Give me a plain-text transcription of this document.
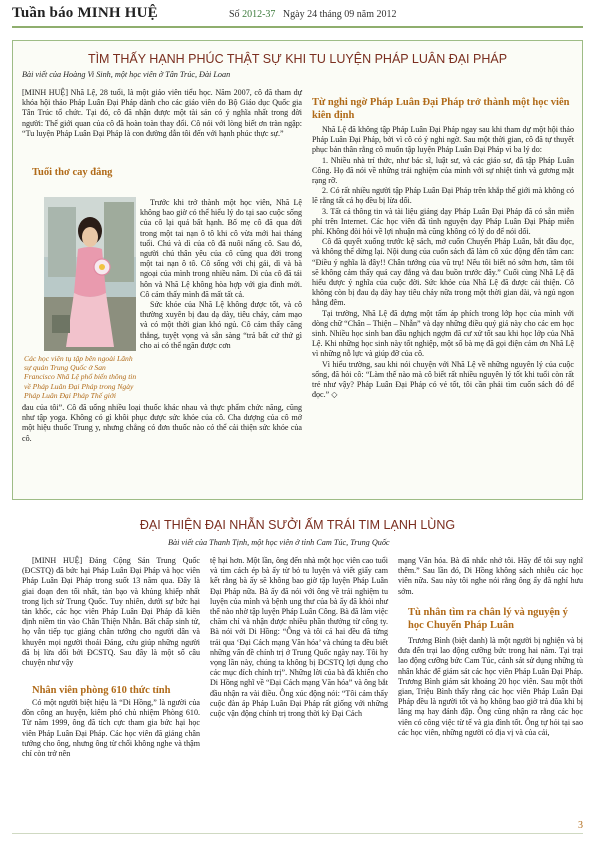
Tuần báo MINH HUỆ	Số 2012-37 Ngày 24 tháng 09 năm 2012
TÌM THẤY HẠNH PHÚC THẬT SỰ KHI TU LUYỆN PHÁP LUÂN ĐẠI PHÁP
Bài viết của Hoàng Vi Sinh, một học viên ở Tân Trúc, Đài Loan

[MINH HUỆ] Nhã Lệ, 28 tuổi, là một giáo viên tiểu học. Năm 2007, cô đã tham dự khóa hội thảo Pháp Luân Đại Pháp dành cho các giáo viên do Bộ Giáo dục Quốc gia Tân Trúc tổ chức. Tại đó, cô đã nhận được một tài sản có ý nghĩa nhất trong đời người: Thế giới quan của cô đã hoàn toàn thay đổi. Cô nói với lòng biết ơn tràn ngập: “Tu luyện Pháp Luân Đại Pháp là con đường dẫn tôi đến với hạnh phúc thực sự.”

Tuổi thơ cay đắng

Trước khi trở thành một học viên, Nhã Lệ không bao giờ có thể hiểu lý do tại sao cuộc sống của cô lại quá bất hạnh. Bố mẹ cô đã qua đời trong một tai nạn ô tô khi cô vừa mới hai tháng tuổi. Chú và dì của cô đã nuôi nấng cô. Sau đó, người chú thân yêu của cô cũng qua đời trong một tai nạn ô tô. Cô sống với chị gái, dì và bà ngoại của mình trong nhiều năm. Dì của cô đã tái hôn và Nhã Lệ không hòa hợp với gia đình mới. Cô cảm thấy mình đã mất tất cả.

Sức khỏe của Nhã Lệ không được tốt, và cô thường xuyên bị đau dạ dày, tiêu chảy, cảm mạo và có một thời gian khó ngủ. Cô cảm thấy căng thẳng, tuyệt vọng và sẵn sàng “trả bất cứ thứ gì cho ai có thể ngăn được cơn

Các học viên tụ tập bên ngoài Lãnh sự quán Trung Quốc ở San Francisco Nhã Lệ phổ biến thông tin về Pháp Luân Đại Pháp trong Ngày Pháp Luân Đại Pháp Thế giới

đau của tôi”. Cô đã uống nhiều loại thuốc khác nhau và thực phẩm chức năng, cũng như tập yoga. Không có gì khôi phục được sức khỏe của cô. Cha dượng của cô mở một hiệu thuốc Trung y, nhưng chẳng có đơn thuốc nào có thể cải thiện sức khỏe của cô.

Từ nghi ngờ Pháp Luân Đại Pháp trở thành một học viên kiên định

Nhã Lệ đã không tập Pháp Luân Đại Pháp ngay sau khi tham dự một hội thảo Pháp Luân Đại Pháp, bởi vì cô có ý nghi ngờ. Sau một thời gian, cô đã tự thuyết phục bản thân rằng cô muốn tập luyện Pháp Luân Đại Pháp vì ba lý do:

1. Nhiều nhà trí thức, như bác sĩ, luật sư, và các giáo sư, đã tập Pháp Luân Công. Họ đã nói về những trải nghiệm của mình với sự nhiệt tình và gương mặt rạng rỡ.

2. Có rất nhiều người tập Pháp Luân Đại Pháp trên khắp thế giới mà không có lẽ rằng tất cả họ đều bị lừa dối.

3. Tất cả thông tin và tài liệu giảng dạy Pháp Luân Đại Pháp đã có sẵn miễn phí trên Internet. Các học viên đã tình nguyện dạy Pháp Luân Đại Pháp miễn phí. Không đòi hỏi về lợi nhuận mà cũng không có lý do để nói dối.

Cô đã quyết xuống trước kệ sách, mở cuốn Chuyển Pháp Luân, bắt đầu đọc, và không thể dừng lại. Nội dung của cuốn sách đã làm cô xúc động đến tâm can: “Điều ý nghĩa là đây!! Chân tướng của vũ trụ! Nếu tôi biết nó sớm hơn, tâm tôi sẽ không cảm thấy quá cay đắng và đau buồn trước đây.” Cuối cùng Nhã Lệ đã hiểu được ý nghĩa của cuộc đời. Sức khỏe của Nhã Lệ đã được cải thiện. Cô không còn bị đau dạ dày hay tiêu chảy nữa trong một thời gian dài, và ngủ ngon hằng đêm.

Tại trường, Nhã Lệ đã dựng một tấm áp phích trong lớp học của mình với dòng chữ “Chân – Thiện – Nhẫn” và dạy những điều quý giá này cho các em học sinh. Nhiều học sinh ban đầu nghịch ngợm đã cư xử tốt sau khi học lớp của Nhã Lệ. Khi những học sinh này tốt nghiệp, một số bà mẹ đã gọi điện cảm ơn Nhã Lệ vì những nỗ lực và giúp đỡ của cô.

Vì hiểu trường, sau khi nói chuyện với Nhã Lệ về những nguyên lý của cuộc sống, đã hỏi cô: “Làm thế nào mà cô biết rất nhiều nguyên lý tốt khi tuổi còn rất trẻ như vậy? Pháp Luân Đại Pháp có vẻ tốt, tôi cần phải tìm cuốn sách đó để đọc.” ◇

ĐẠI THIỆN ĐẠI NHẪN SƯỞI ẤM TRÁI TIM LẠNH LÙNG
Bài viết của Thanh Tịnh, một học viên ở tỉnh Cam Túc, Trung Quốc

[MINH HUỆ] Đảng Cộng Sản Trung Quốc (ĐCSTQ) đã bức hại Pháp Luân Đại Pháp và học viên Pháp Luân Đại Pháp trong suốt 13 năm qua. Đây là giai đoạn đen tối nhất, tàn bạo và khủng khiếp nhất trong lịch sử Trung Quốc. Tuy nhiên, dưới sự bức hại tàn khốc, các học viên Pháp Luân Đại Pháp đã kiên định niềm tin vào Chân Thiện Nhẫn. Bất chấp sinh tử, họ vẫn tiếp tục giảng chân tướng cho người dân và khuyên mọi người thoái Đảng, cứu giúp những người đã bị lừa dối bởi ĐCSTQ. Sau đây là một số câu chuyện như vậy

Nhân viên phòng 610 thức tỉnh

Có một người biệt hiệu là “Di Hồng,” là người của đồn công an huyện, kiêm phó chủ nhiệm Phòng 610. Từ năm 1999, ông đã tích cực tham gia bức hại học viên Pháp Luân Đại Pháp. Các học viên đã giảng chân tướng cho ông, nhưng ông từ chối không nghe và thậm chí còn trở nên

tệ hại hơn. Một lần, ông đến nhà một học viên cao tuổi và tìm cách ép bà ấy từ bỏ tu luyện và viết giấy cam kết rằng bà ấy sẽ không bao giờ tập luyện Pháp Luân Đại Pháp nữa. Bà ấy đã nói với ông về trải nghiệm tu luyện của mình và bệnh ung thư của bà ấy đã khỏi như thế nào nhờ tập luyện Pháp Luân Công. Bà đã làm việc chăm chỉ và nhận được nhiều phần thưởng từ công ty. Bà nói với Di Hồng: “Ông và tôi cả hai đều đã từng trải qua ‘Đại Cách mạng Văn hóa’ và chúng ta đều biết những vấn đề chính trị ở Trung Quốc ngày nay. Tôi hy vọng lần này, chúng ta không bị ĐCSTQ lợi dụng cho các mục đích chính trị”. Những lời của bà đã khiến cho Di Hồng nghĩ về “Đại Cách mạng Văn hóa” và ông bắt đầu nhận ra vài điều. Ông xúc động nói: “Tôi cảm thấy cuộc đàn áp Pháp Luân Đại Pháp rất giống với những cuộc vận động chính trị trong thời kỳ Đại Cách

mạng Văn hóa. Bà đã nhắc nhở tôi. Hãy để tôi suy nghĩ thêm.” Sau lần đó, Di Hồng không sách nhiễu các học viên nữa. Sau này tôi nghe nói rằng ông ấy đã nghỉ hưu sớm.

Tù nhân tìm ra chân lý và nguyện ý học Chuyển Pháp Luân

Trương Bình (biệt danh) là một người bị nghiện và bị đưa đến trại lao động cưỡng bức trong hai năm. Tại trại lao động cưỡng bức Cam Túc, cảnh sát sử dụng những tù nhân khác để giám sát các học viên Pháp Luân Đại Pháp. Trương Bình giám sát khoảng 20 học viên. Sau một thời gian, Triệu Bình thấy rằng các học viên Pháp Luân Đại Pháp đều là người tốt và họ không bao giờ trả đũa khi bị lăng mạ hay đánh đập. Ông cũng nhận ra rằng các học viên có công việc từ tế và gia đình tốt. Ông tự hỏi tại sao các học viên, những người có địa vị và của cải,

3
